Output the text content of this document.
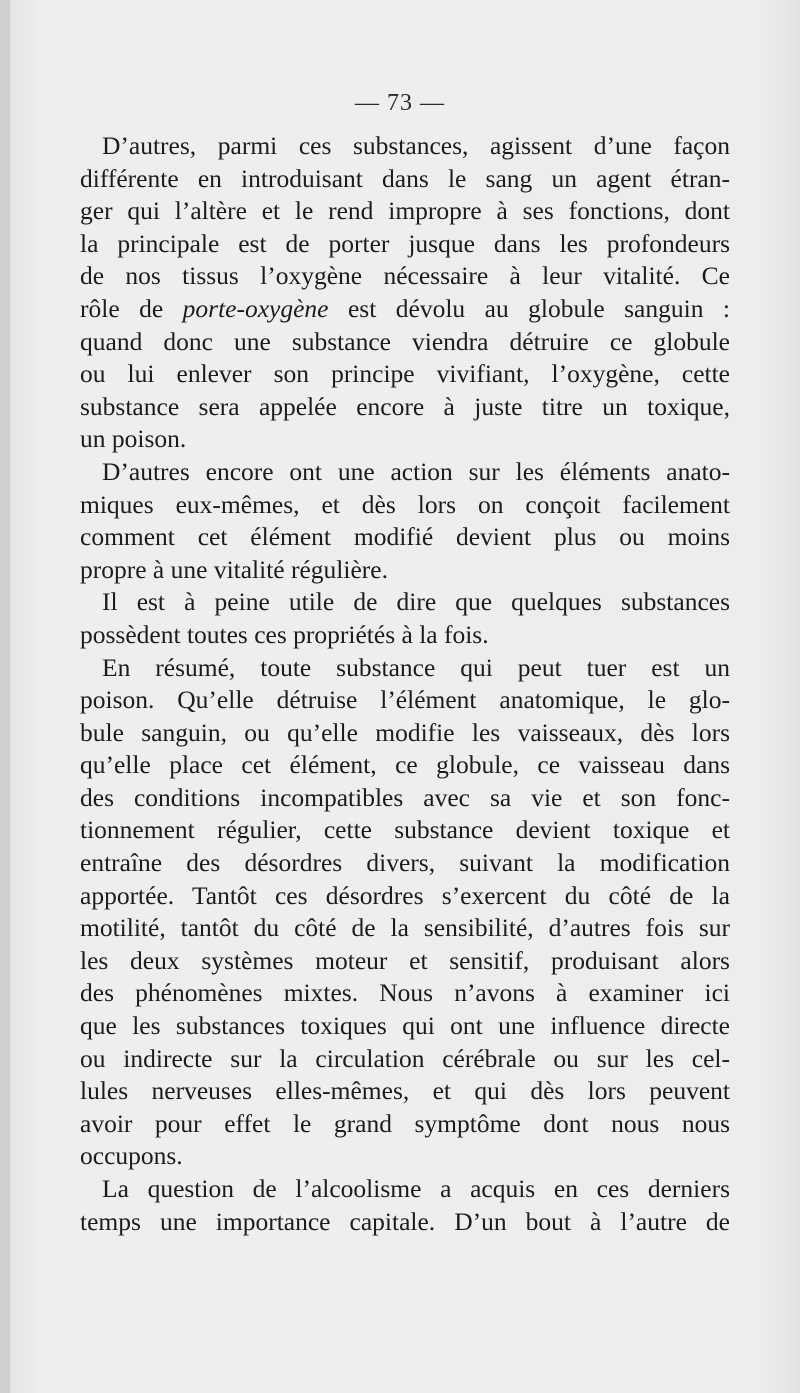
— 73 —
D’autres, parmi ces substances, agissent d’une façon
différente en introduisant dans le sang un agent étran-
ger qui l’altère et le rend impropre à ses fonctions, dont
la principale est de porter jusque dans les profondeurs
de nos tissus l’oxygène nécessaire à leur vitalité. Ce
rôle de porte-oxygène est dévolu au globule sanguin :
quand donc une substance viendra détruire ce globule
ou lui enlever son principe vivifiant, l’oxygène, cette
substance sera appelée encore à juste titre un toxique,
un poison.
D’autres encore ont une action sur les éléments anato-
miques eux-mêmes, et dès lors on conçoit facilement
comment cet élément modifié devient plus ou moins
propre à une vitalité régulière.
Il est à peine utile de dire que quelques substances
possèdent toutes ces propriétés à la fois.
En résumé, toute substance qui peut tuer est un
poison. Qu’elle détruise l’élément anatomique, le glo-
bule sanguin, ou qu’elle modifie les vaisseaux, dès lors
qu’elle place cet élément, ce globule, ce vaisseau dans
des conditions incompatibles avec sa vie et son fonc-
tionnement régulier, cette substance devient toxique et
entraîne des désordres divers, suivant la modification
apportée. Tantôt ces désordres s’exercent du côté de la
motilité, tantôt du côté de la sensibilité, d’autres fois sur
les deux systèmes moteur et sensitif, produisant alors
des phénomènes mixtes. Nous n’avons à examiner ici
que les substances toxiques qui ont une influence directe
ou indirecte sur la circulation cérébrale ou sur les cel-
lules nerveuses elles-mêmes, et qui dès lors peuvent
avoir pour effet le grand symptôme dont nous nous
occupons.
La question de l’alcoolisme a acquis en ces derniers
temps une importance capitale. D’un bout à l’autre de
